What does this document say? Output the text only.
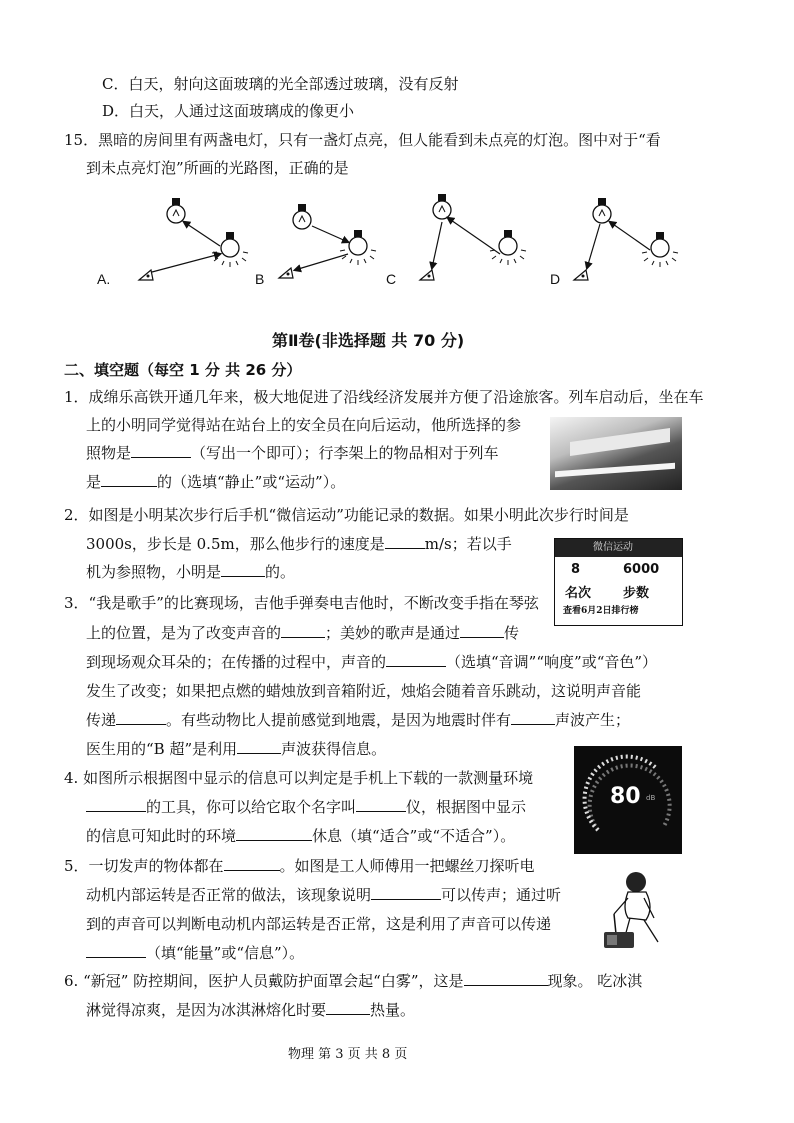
C．白天，射向这面玻璃的光全部透过玻璃，没有反射
D．白天，人通过这面玻璃成的像更小
15．黑暗的房间里有两盏电灯，只有一盏灯点亮，但人能看到未点亮的灯泡。图中对于“看
到未点亮灯泡”所画的光路图，正确的是
A.	B	C	D
第Ⅱ卷(非选择题 共 70 分)
二、填空题（每空 1 分 共 26 分）
1．成绵乐高铁开通几年来，极大地促进了沿线经济发展并方便了沿途旅客。列车启动后，坐在车
上的小明同学觉得站在站台上的安全员在向后运动，他所选择的参
照物是	（写出一个即可）；行李架上的物品相对于列车
是	的（选填“静止”或“运动”）。
2．如图是小明某次步行后手机“微信运动”功能记录的数据。如果小明此次步行时间是
3000s，步长是 0.5m，那么他步行的速度是	m/s；若以手
机为参照物，小明是	的。
微信运动
8	6000
名次 步数
查看6月2日排行榜
3．“我是歌手”的比赛现场，吉他手弹奏电吉他时，不断改变手指在琴弦
上的位置，是为了改变声音的	；美妙的歌声是通过	传
到现场观众耳朵的；在传播的过程中，声音的	（选填“音调”“响度”或“音色”）
发生了改变；如果把点燃的蜡烛放到音箱附近，烛焰会随着音乐跳动，这说明声音能
传递	。有些动物比人提前感觉到地震，是因为地震时伴有	声波产生；
医生用的“B 超”是利用	声波获得信息。
4. 如图所示根据图中显示的信息可以判定是手机上下载的一款测量环境
的工具，你可以给它取个名字叫	仪，根据图中显示
的信息可知此时的环境	休息（填“适合”或“不适合”）。
80 dB
5．一切发声的物体都在	。如图是工人师傅用一把螺丝刀探听电
动机内部运转是否正常的做法，该现象说明	可以传声；通过听
到的声音可以判断电动机内部运转是否正常，这是利用了声音可以传递
（填“能量”或“信息”）。
6. “新冠” 防控期间，医护人员戴防护面罩会起“白雾”，这是	现象。 吃冰淇
淋觉得凉爽，是因为冰淇淋熔化时要	热量。
物理 第 3 页 共 8 页
